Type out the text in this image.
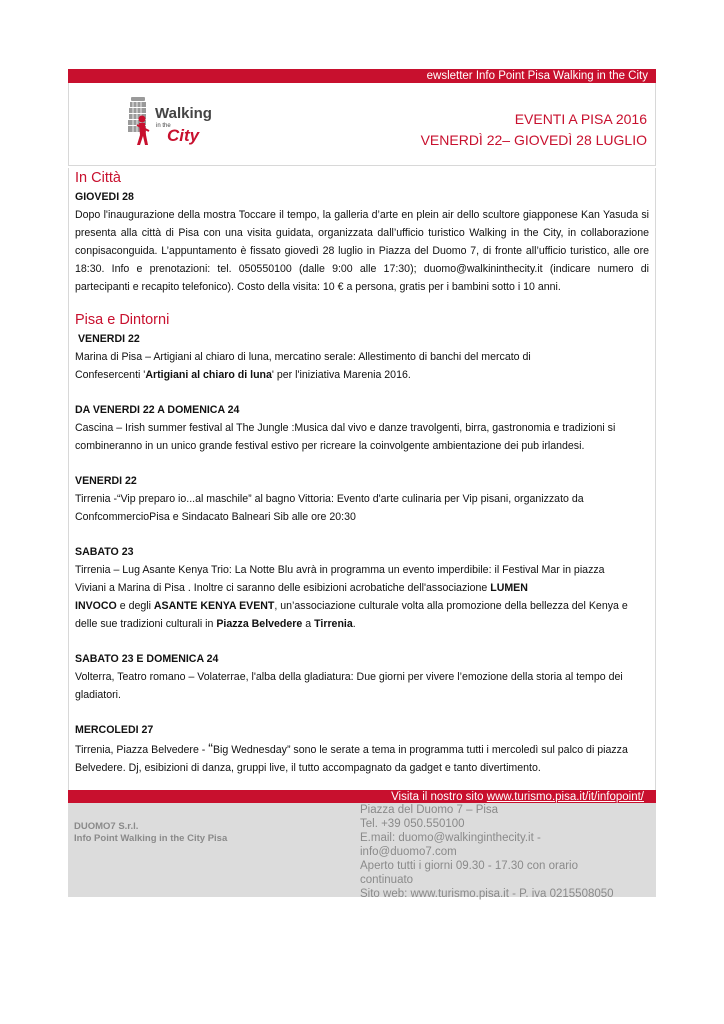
ewsletter Info Point Pisa Walking in the City
Walking
in the
City
EVENTI A PISA 2016
VENERDÌ 22– GIOVEDÌ 28 LUGLIO
In Città
GIOVEDI 28
Dopo l'inaugurazione della mostra Toccare il tempo, la galleria d’arte en plein air dello scultore giapponese Kan Yasuda si presenta alla città di Pisa con una visita guidata, organizzata dall’ufficio turistico Walking in the City, in collaborazione conpisaconguida. L’appuntamento è fissato giovedì 28 luglio in Piazza del Duomo 7, di fronte all’ufficio turistico, alle ore 18:30. Info e prenotazioni: tel. 050550100 (dalle 9:00 alle 17:30); duomo@walkininthecity.it (indicare numero di partecipanti e recapito telefonico). Costo della visita: 10 € a persona, gratis per i bambini sotto i 10 anni.
Pisa e Dintorni
VENERDI 22
Marina di Pisa – Artigiani al chiaro di luna, mercatino serale: Allestimento di banchi del mercato di
Confesercenti 'Artigiani al chiaro di luna' per l'iniziativa Marenia 2016.
DA VENERDI 22 A DOMENICA 24
Cascina – Irish summer festival al The Jungle :Musica dal vivo e danze travolgenti, birra, gastronomia e tradizioni si
combineranno in un unico grande festival estivo per ricreare la coinvolgente ambientazione dei pub irlandesi.
VENERDI 22
Tirrenia -“Vip preparo io...al maschile” al bagno Vittoria: Evento d'arte culinaria per Vip pisani, organizzato da
ConfcommercioPisa e Sindacato Balneari Sib alle ore 20:30
SABATO 23
Tirrenia – Lug Asante Kenya Trio: La Notte Blu avrà in programma un evento imperdibile: il Festival Mar in piazza
Viviani a Marina di Pisa . Inoltre ci saranno delle esibizioni acrobatiche dell'associazione LUMEN
INVOCO e degli ASANTE KENYA EVENT, un’associazione culturale volta alla promozione della bellezza del Kenya e
delle sue tradizioni culturali in Piazza Belvedere a Tirrenia.
SABATO 23 E DOMENICA 24
Volterra, Teatro romano – Volaterrae, l'alba della gladiatura: Due giorni per vivere l’emozione della storia al tempo dei
gladiatori.
MERCOLEDI 27
Tirrenia, Piazza Belvedere - “Big Wednesday” sono le serate a tema in programma tutti i mercoledì sul palco di piazza
Belvedere. Dj, esibizioni di danza, gruppi live, il tutto accompagnato da gadget e tanto divertimento.
Visita il nostro sito www.turismo.pisa.it/it/infopoint/
DUOMO7 S.r.l.
Info Point Walking in the City Pisa
Piazza del Duomo 7 – Pisa
Tel. +39 050.550100
E.mail: duomo@walkinginthecity.it -
info@duomo7.com
Aperto tutti i giorni 09.30 - 17.30 con orario
continuato
Sito web: www.turismo.pisa.it - P. iva 0215508050
